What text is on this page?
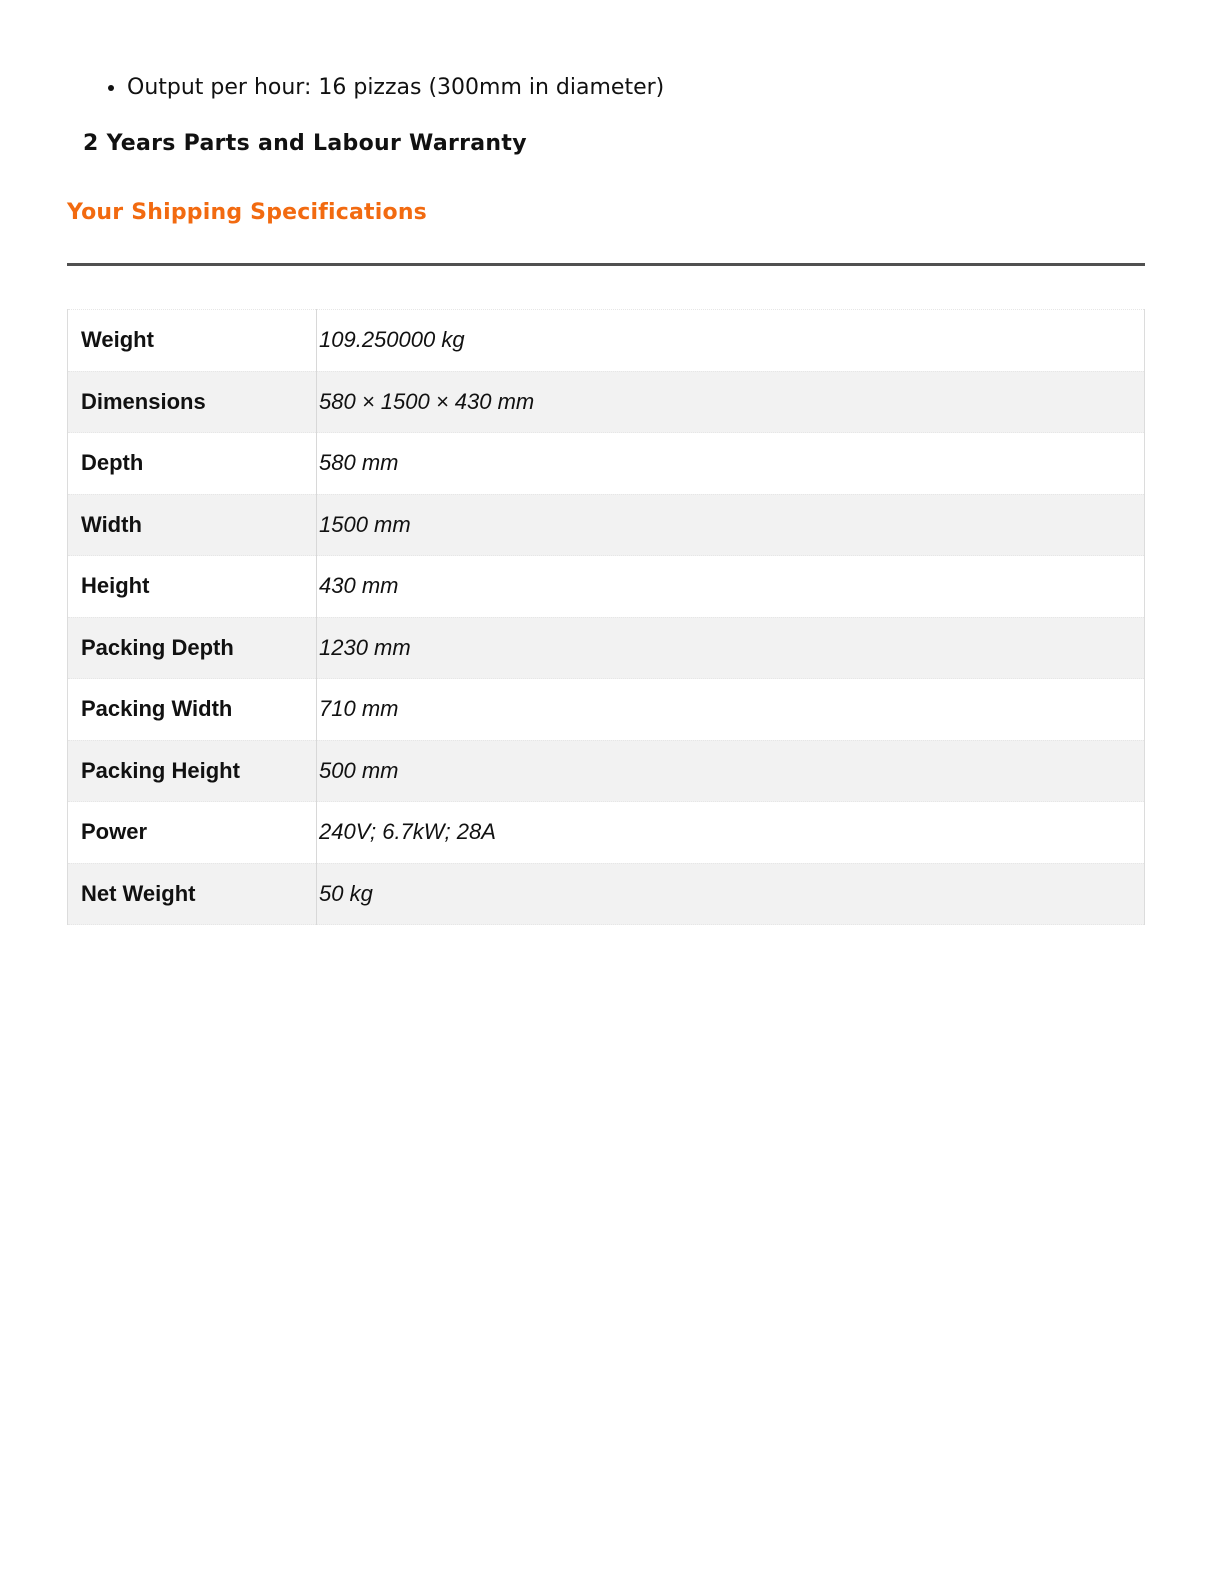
• Output per hour: 16 pizzas (300mm in diameter)
2 Years Parts and Labour Warranty
Your Shipping Specifications
Weight	109.250000 kg
Dimensions	580 × 1500 × 430 mm
Depth	580 mm
Width	1500 mm
Height	430 mm
Packing Depth	1230 mm
Packing Width	710 mm
Packing Height	500 mm
Power	240V; 6.7kW; 28A
Net Weight	50 kg
